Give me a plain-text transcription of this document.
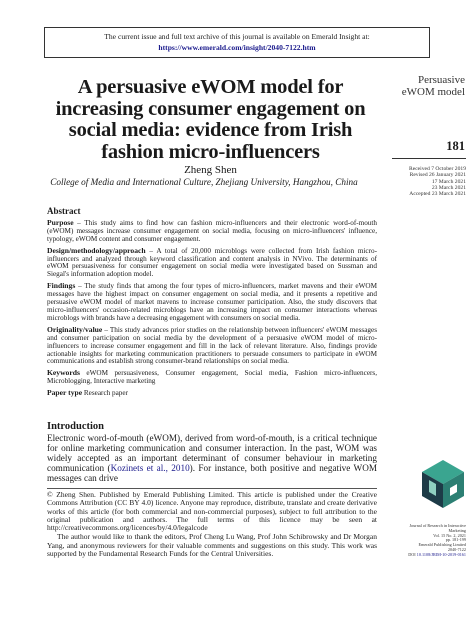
The current issue and full text archive of this journal is available on Emerald Insight at:
https://www.emerald.com/insight/2040-7122.htm
A persuasive eWOM model for increasing consumer engagement on social media: evidence from Irish fashion micro-influencers
Zheng Shen
College of Media and International Culture, Zhejiang University, Hangzhou, China
Persuasive
eWOM model
181
Received 7 October 2019
Revised 26 January 2021
17 March 2021
23 March 2021
Accepted 23 March 2021
Abstract

Purpose – This study aims to find how can fashion micro-influencers and their electronic word-of-mouth (eWOM) messages increase consumer engagement on social media, focusing on micro-influencers' influence, typology, eWOM content and consumer engagement.

Design/methodology/approach – A total of 20,000 microblogs were collected from Irish fashion micro-influencers and analyzed through keyword classification and content analysis in NVivo. The determinants of eWOM persuasiveness for consumer engagement on social media were investigated based on Sussman and Siegal's information adoption model.

Findings – The study finds that among the four types of micro-influencers, market mavens and their eWOM messages have the highest impact on consumer engagement on social media, and it presents a repetitive and persuasive eWOM model of market mavens to increase consumer participation. Also, the study discovers that micro-influencers' occasion-related microblogs have an increasing impact on consumer interactions whereas microblogs with brands have a decreasing engagement with consumers on social media.

Originality/value – This study advances prior studies on the relationship between influencers' eWOM messages and consumer participation on social media by the development of a persuasive eWOM model of micro-influencers to increase consumer engagement and fill in the lack of relevant literature. Also, findings provide actionable insights for marketing communication practitioners to persuade consumers to participate in eWOM communications and establish strong consumer-brand relationships on social media.

Keywords eWOM persuasiveness, Consumer engagement, Social media, Fashion micro-influencers, Microblogging, Interactive marketing

Paper type Research paper

Introduction
Electronic word-of-mouth (eWOM), derived from word-of-mouth, is a critical technique for online marketing communication and consumer interaction. In the past, WOM was widely accepted as an important determinant of consumer behaviour in marketing communication (Kozinets et al., 2010). For instance, both positive and negative WOM messages can drive

© Zheng Shen. Published by Emerald Publishing Limited. This article is published under the Creative Commons Attribution (CC BY 4.0) licence. Anyone may reproduce, distribute, translate and create derivative works of this article (for both commercial and non-commercial purposes), subject to full attribution to the original publication and authors. The full terms of this licence may be seen at http://creativecommons.org/licences/by/4.0/legalcode

The author would like to thank the editors, Prof Cheng Lu Wang, Prof John Schibrowsky and Dr Morgan Yang, and anonymous reviewers for their valuable comments and suggestions on this study. This work was supported by the Fundamental Research Funds for the Central Universities.

Journal of Research in Interactive
Marketing
Vol. 15 No. 2, 2021
pp. 181-199
Emerald Publishing Limited
2040-7122
DOI 10.1108/JRIM-10-2019-0161
